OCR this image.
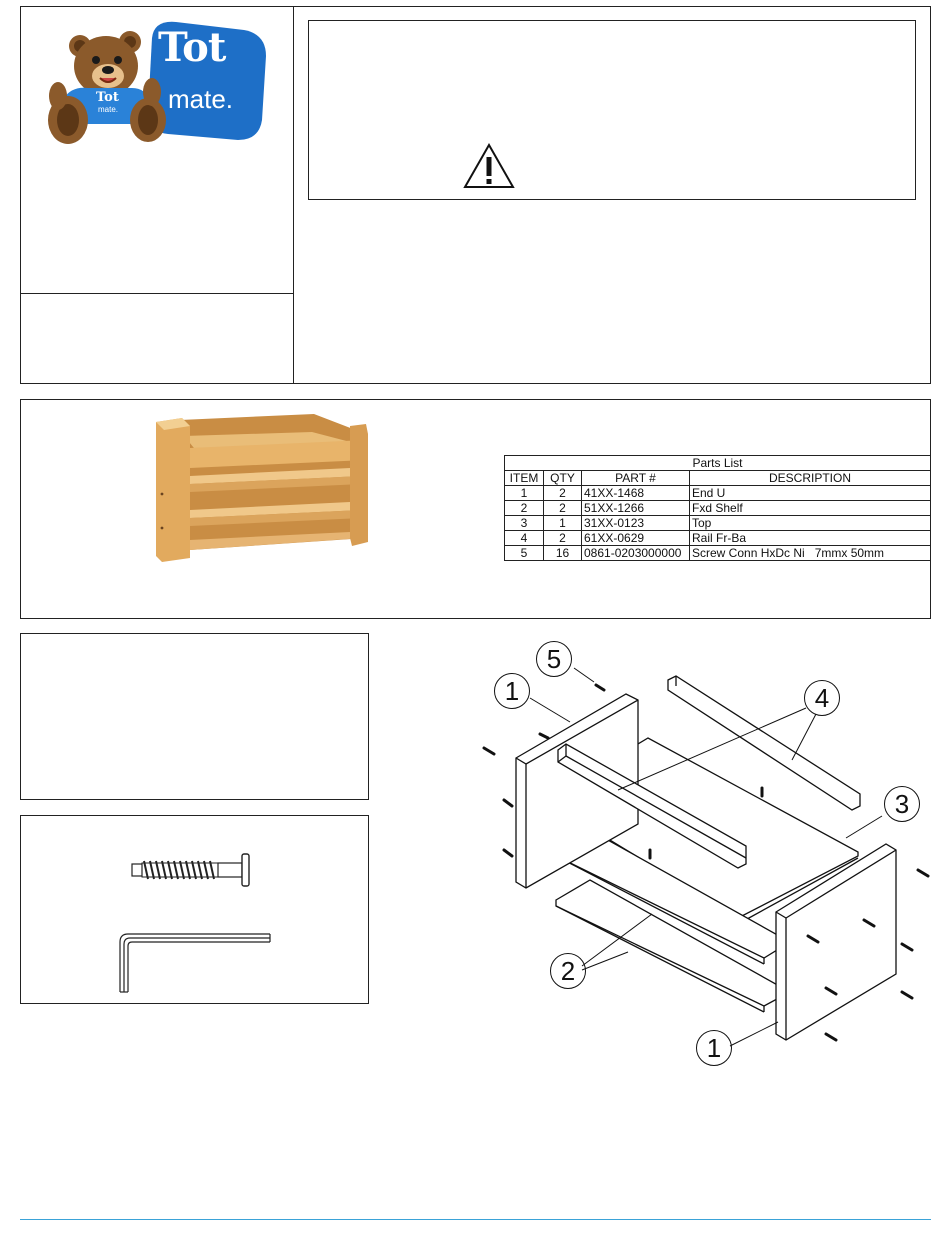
Tot
mate.
Tot
mate.
Parts List			
ITEM	QTY	PART #	DESCRIPTION
1	2	41XX-1468	End U
2	2	51XX-1266	Fxd Shelf
3	1	31XX-0123	Top
4	2	61XX-0629	Rail Fr-Ba
5	16	0861-0203000000	Screw Conn HxDc Ni   7mmx 50mm
5
1	4
3
2
1
